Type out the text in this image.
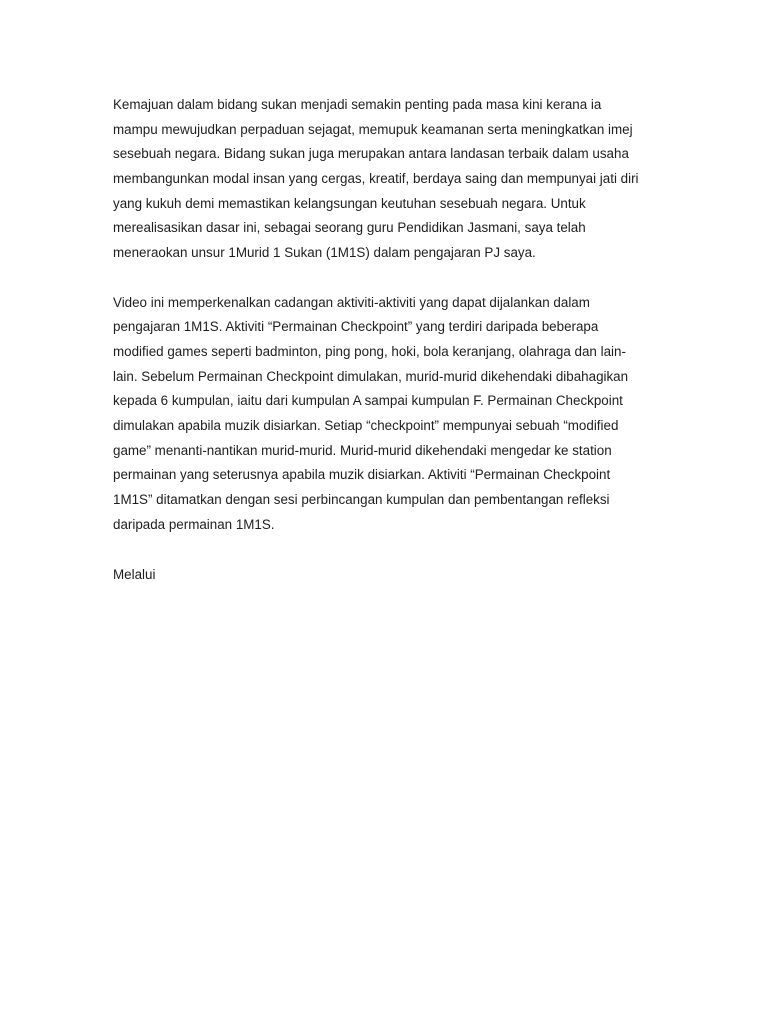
Kemajuan dalam bidang sukan menjadi semakin penting pada masa kini kerana ia
mampu mewujudkan perpaduan sejagat, memupuk keamanan serta meningkatkan imej
sesebuah negara. Bidang sukan juga merupakan antara landasan terbaik dalam usaha
membangunkan modal insan yang cergas, kreatif, berdaya saing dan mempunyai jati diri
yang kukuh demi memastikan kelangsungan keutuhan sesebuah negara. Untuk
merealisasikan dasar ini, sebagai seorang guru Pendidikan Jasmani, saya telah
meneraokan unsur 1Murid 1 Sukan (1M1S) dalam pengajaran PJ saya.
Video ini memperkenalkan cadangan aktiviti-aktiviti yang dapat dijalankan dalam
pengajaran 1M1S. Aktiviti “Permainan Checkpoint” yang terdiri daripada beberapa
modified games seperti badminton, ping pong, hoki, bola keranjang, olahraga dan lain-
lain. Sebelum Permainan Checkpoint dimulakan, murid-murid dikehendaki dibahagikan
kepada 6 kumpulan, iaitu dari kumpulan A sampai kumpulan F. Permainan Checkpoint
dimulakan apabila muzik disiarkan. Setiap “checkpoint” mempunyai sebuah “modified
game” menanti-nantikan murid-murid. Murid-murid dikehendaki mengedar ke station
permainan yang seterusnya apabila muzik disiarkan. Aktiviti “Permainan Checkpoint
1M1S” ditamatkan dengan sesi perbincangan kumpulan dan pembentangan refleksi
daripada permainan 1M1S.
Melalui
